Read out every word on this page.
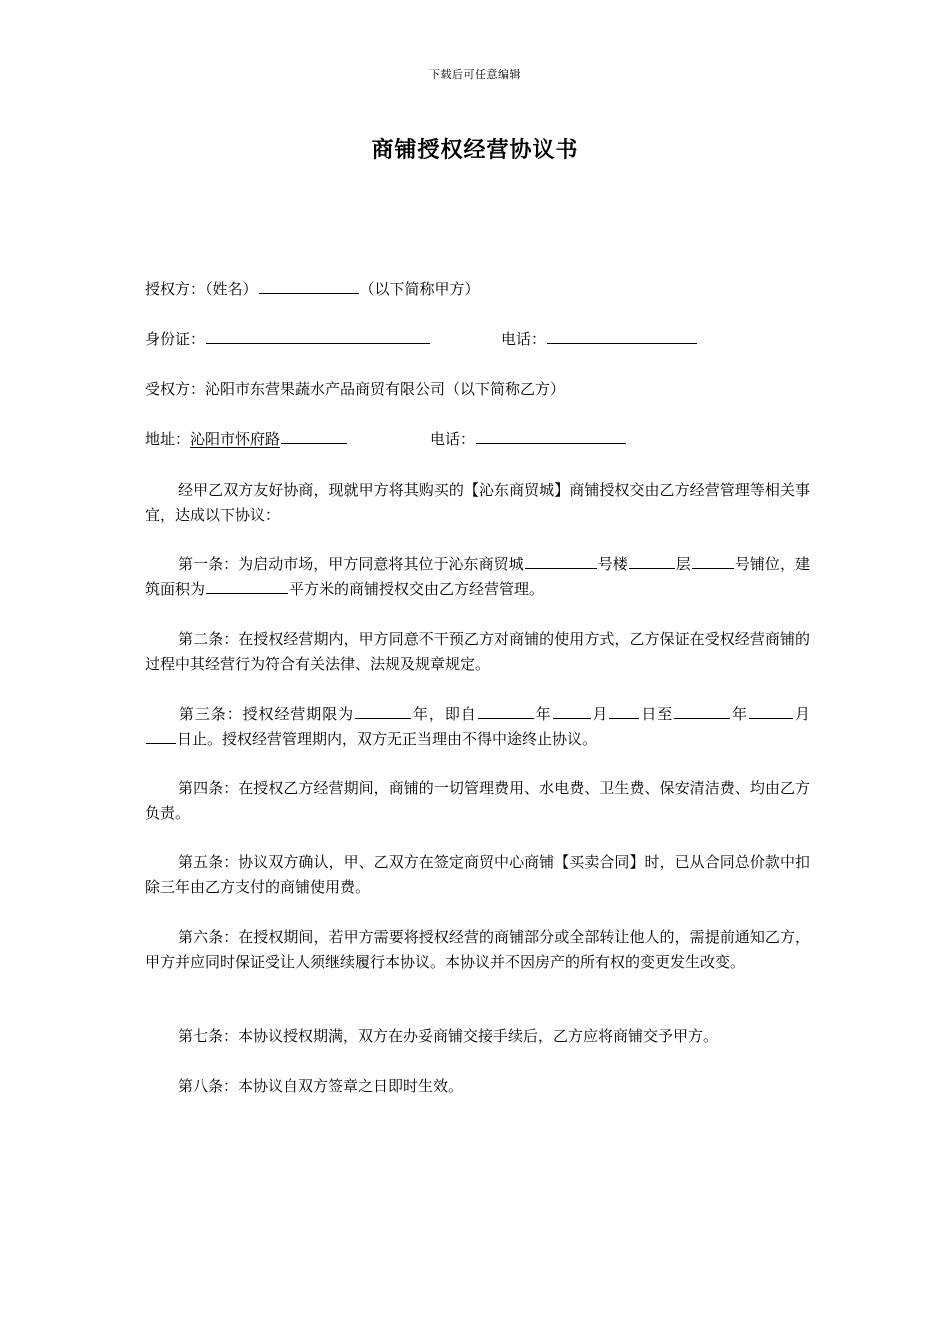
下载后可任意编辑
商铺授权经营协议书
授权方：（姓名）	（以下简称甲方）
身份证：	电话：
受权方：沁阳市东营果蔬水产品商贸有限公司（以下简称乙方）
地址：沁阳市怀府路	电话：

经甲乙双方友好协商，现就甲方将其购买的【沁东商贸城】商铺授权交由乙方经营管理等相关事宜，达成以下协议：

第一条：为启动市场，甲方同意将其位于沁东商贸城	号楼	层	号铺位，建筑面积为	平方米的商铺授权交由乙方经营管理。

第二条：在授权经营期内，甲方同意不干预乙方对商铺的使用方式，乙方保证在受权经营商铺的过程中其经营行为符合有关法律、法规及规章规定。

第三条：授权经营期限为	年，即自	年	月 日至	年	月日止。授权经营管理期内，双方无正当理由不得中途终止协议。

第四条：在授权乙方经营期间，商铺的一切管理费用、水电费、卫生费、保安清洁费、均由乙方负责。

第五条：协议双方确认，甲、乙双方在签定商贸中心商铺【买卖合同】时，已从合同总价款中扣除三年由乙方支付的商铺使用费。

第六条：在授权期间，若甲方需要将授权经营的商铺部分或全部转让他人的，需提前通知乙方，甲方并应同时保证受让人须继续履行本协议。本协议并不因房产的所有权的变更发生改变。

第七条：本协议授权期满，双方在办妥商铺交接手续后，乙方应将商铺交予甲方。

第八条：本协议自双方签章之日即时生效。
